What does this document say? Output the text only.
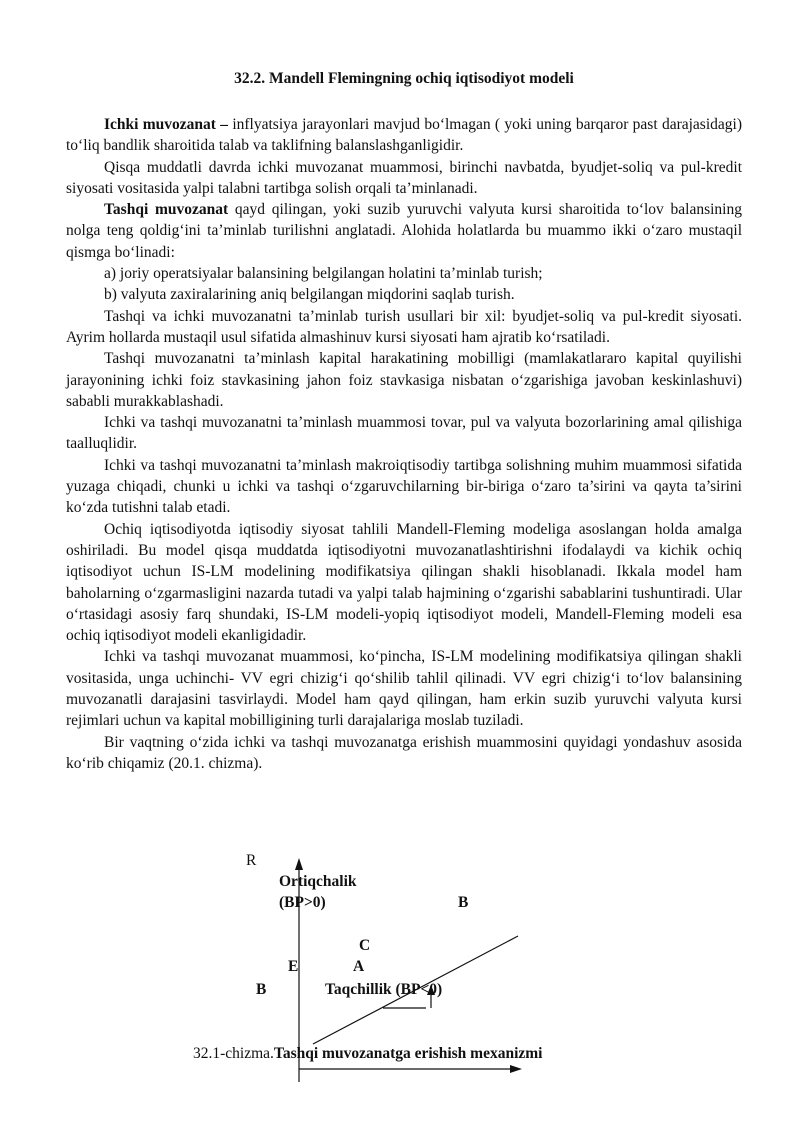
32.2. Mandell Flemingning ochiq iqtisodiyot modeli

Ichki muvozanat – inflyatsiya jarayonlari mavjud bo‘lmagan ( yoki uning barqaror past darajasidagi) to‘liq bandlik sharoitida talab va taklifning balanslashganligidir.

Qisqa muddatli davrda ichki muvozanat muammosi, birinchi navbatda, byudjet-soliq va pul-kredit siyosati vositasida yalpi talabni tartibga solish orqali ta’minlanadi.

Tashqi muvozanat qayd qilingan, yoki suzib yuruvchi valyuta kursi sharoitida to‘lov balansining nolga teng qoldig‘ini ta’minlab turilishni anglatadi. Alohida holatlarda bu muammo ikki o‘zaro mustaqil qismga bo‘linadi:

a) joriy operatsiyalar balansining belgilangan holatini ta’minlab turish;

b) valyuta zaxiralarining aniq belgilangan miqdorini saqlab turish.

Tashqi va ichki muvozanatni ta’minlab turish usullari bir xil: byudjet-soliq va pul-kredit siyosati. Ayrim hollarda mustaqil usul sifatida almashinuv kursi siyosati ham ajratib ko‘rsatiladi.

Tashqi muvozanatni ta’minlash kapital harakatining mobilligi (mamlakatlararo kapital quyilishi jarayonining ichki foiz stavkasining jahon foiz stavkasiga nisbatan o‘zgarishiga javoban keskinlashuvi) sababli murakkablashadi.

Ichki va tashqi muvozanatni ta’minlash muammosi tovar, pul va valyuta bozorlarining amal qilishiga taalluqlidir.

Ichki va tashqi muvozanatni ta’minlash makroiqtisodiy tartibga solishning muhim muammosi sifatida yuzaga chiqadi, chunki u ichki va tashqi o‘zgaruvchilarning bir-biriga o‘zaro ta’sirini va qayta ta’sirini ko‘zda tutishni talab etadi.

Ochiq iqtisodiyotda iqtisodiy siyosat tahlili Mandell-Fleming modeliga asoslangan holda amalga oshiriladi. Bu model qisqa muddatda iqtisodiyotni muvozanatlashtirishni ifodalaydi va kichik ochiq iqtisodiyot uchun IS-LM modelining modifikatsiya qilingan shakli hisoblanadi. Ikkala model ham baholarning o‘zgarmasligini nazarda tutadi va yalpi talab hajmining o‘zgarishi sabablarini tushuntiradi. Ular o‘rtasidagi asosiy farq shundaki, IS-LM modeli-yopiq iqtisodiyot modeli, Mandell-Fleming modeli esa ochiq iqtisodiyot modeli ekanligidadir.

Ichki va tashqi muvozanat muammosi, ko‘pincha, IS-LM modelining modifikatsiya qilingan shakli vositasida, unga uchinchi- VV egri chizig‘i qo‘shilib tahlil qilinadi. VV egri chizig‘i to‘lov balansining muvozanatli darajasini tasvirlaydi. Model ham qayd qilingan, ham erkin suzib yuruvchi valyuta kursi rejimlari uchun va kapital mobilligining turli darajalariga moslab tuziladi.

Bir vaqtning o‘zida ichki va tashqi muvozanatga erishish muammosini quyidagi yondashuv asosida ko‘rib chiqamiz (20.1. chizma).

R
Ortiqchalik
(BP>0)	B
C
E	A
B	Taqchillik (BP<0)
32.1-chizma.Tashqi muvozanatga erishish mexanizmi
